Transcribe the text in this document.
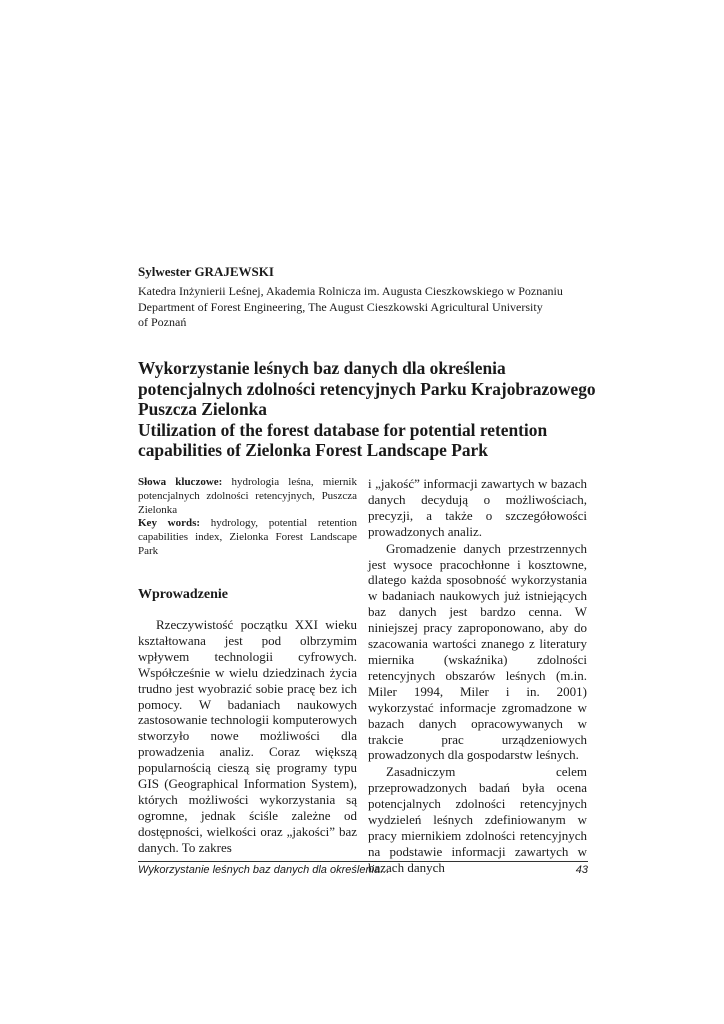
Sylwester GRAJEWSKI
Katedra Inżynierii Leśnej, Akademia Rolnicza im. Augusta Cieszkowskiego w Poznaniu
Department of Forest Engineering, The August Cieszkowski Agricultural University
of Poznań
Wykorzystanie leśnych baz danych dla określenia
potencjalnych zdolności retencyjnych Parku Krajobrazowego
Puszcza Zielonka
Utilization of the forest database for potential retention
capabilities of Zielonka Forest Landscape Park

Słowa kluczowe: hydrologia leśna, miernik potencjalnych zdolności retencyjnych, Puszcza Zielonka

Key words: hydrology, potential retention capabilities index, Zielonka Forest Landscape Park

Wprowadzenie

Rzeczywistość początku XXI wieku kształtowana jest pod olbrzymim wpływem technologii cyfrowych. Współcześnie w wielu dziedzinach życia trudno jest wyobrazić sobie pracę bez ich pomocy. W badaniach naukowych zastosowanie technologii komputerowych stworzyło nowe możliwości dla prowadzenia analiz. Coraz większą popularnością cieszą się programy typu GIS (Geographical Information System), których możliwości wykorzystania są ogromne, jednak ściśle zależne od dostępności, wielkości oraz „jakości” baz danych. To zakres

i „jakość” informacji zawartych w bazach danych decydują o możliwościach, precyzji, a także o szczegółowości prowadzonych analiz.

Gromadzenie danych przestrzennych jest wysoce pracochłonne i kosztowne, dlatego każda sposobność wykorzystania w badaniach naukowych już istniejących baz danych jest bardzo cenna. W niniejszej pracy zaproponowano, aby do szacowania wartości znanego z literatury miernika (wskaźnika) zdolności retencyjnych obszarów leśnych (m.in. Miler 1994, Miler i in. 2001) wykorzystać informacje zgromadzone w bazach danych opracowywanych w trakcie prac urządzeniowych prowadzonych dla gospodarstw leśnych.

Zasadniczym celem przeprowadzonych badań była ocena potencjalnych zdolności retencyjnych wydzieleń leśnych zdefiniowanym w pracy miernikiem zdolności retencyjnych na podstawie informacji zawartych w bazach danych

Wykorzystanie leśnych baz danych dla określenia...	43
